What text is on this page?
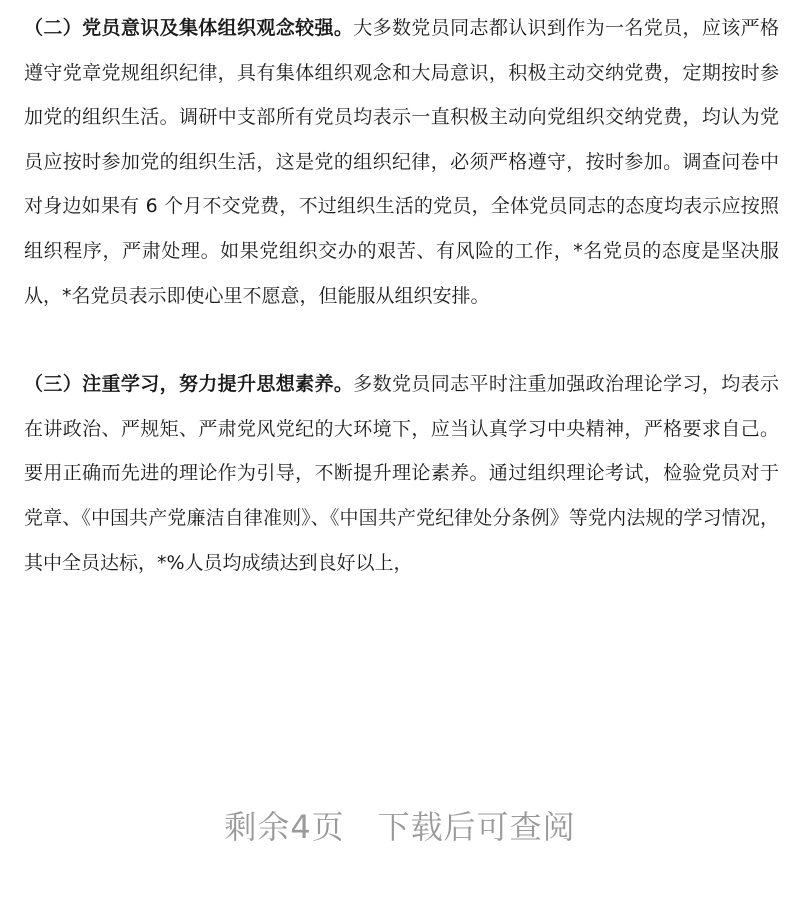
（二）党员意识及集体组织观念较强。大多数党员同志都认识到作为一名党员，应该严格遵守党章党规组织纪律，具有集体组织观念和大局意识，积极主动交纳党费，定期按时参加党的组织生活。调研中支部所有党员均表示一直积极主动向党组织交纳党费，均认为党员应按时参加党的组织生活，这是党的组织纪律，必须严格遵守，按时参加。调查问卷中对身边如果有 6 个月不交党费，不过组织生活的党员，全体党员同志的态度均表示应按照组织程序，严肃处理。如果党组织交办的艰苦、有风险的工作，*名党员的态度是坚决服从，*名党员表示即使心里不愿意，但能服从组织安排。

（三）注重学习，努力提升思想素养。多数党员同志平时注重加强政治理论学习，均表示在讲政治、严规矩、严肃党风党纪的大环境下，应当认真学习中央精神，严格要求自己。要用正确而先进的理论作为引导，不断提升理论素养。通过组织理论考试，检验党员对于党章、《中国共产党廉洁自律准则》、《中国共产党纪律处分条例》等党内法规的学习情况，其中全员达标，*%人员均成绩达到良好以上，

剩余4页　下载后可查阅
